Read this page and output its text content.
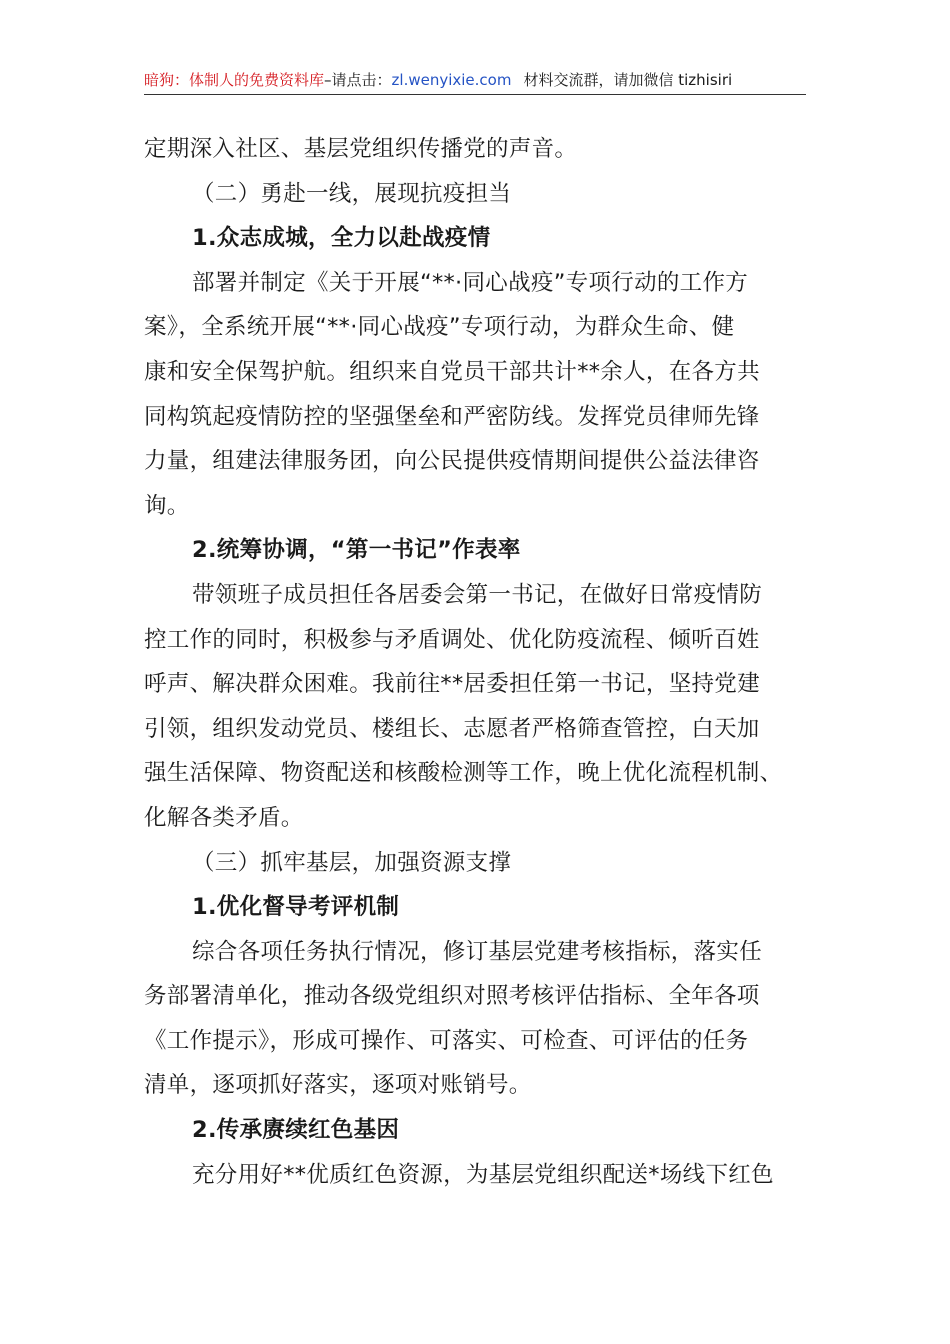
暗狗：体制人的免费资料库–请点击：zl.wenyixie.com 材料交流群，请加微信 tizhisiri
定期深入社区、基层党组织传播党的声音。
（二）勇赴一线，展现抗疫担当
1.众志成城，全力以赴战疫情
部署并制定《关于开展“**·同心战疫”专项行动的工作方
案》，全系统开展“**·同心战疫”专项行动，为群众生命、健
康和安全保驾护航。组织来自党员干部共计**余人，在各方共
同构筑起疫情防控的坚强堡垒和严密防线。发挥党员律师先锋
力量，组建法律服务团，向公民提供疫情期间提供公益法律咨
询。
2.统筹协调，“第一书记”作表率
带领班子成员担任各居委会第一书记，在做好日常疫情防
控工作的同时，积极参与矛盾调处、优化防疫流程、倾听百姓
呼声、解决群众困难。我前往**居委担任第一书记，坚持党建
引领，组织发动党员、楼组长、志愿者严格筛查管控，白天加
强生活保障、物资配送和核酸检测等工作，晚上优化流程机制、
化解各类矛盾。
（三）抓牢基层，加强资源支撑
1.优化督导考评机制
综合各项任务执行情况，修订基层党建考核指标，落实任
务部署清单化，推动各级党组织对照考核评估指标、全年各项
《工作提示》，形成可操作、可落实、可检查、可评估的任务
清单，逐项抓好落实，逐项对账销号。
2.传承赓续红色基因
充分用好**优质红色资源，为基层党组织配送*场线下红色
